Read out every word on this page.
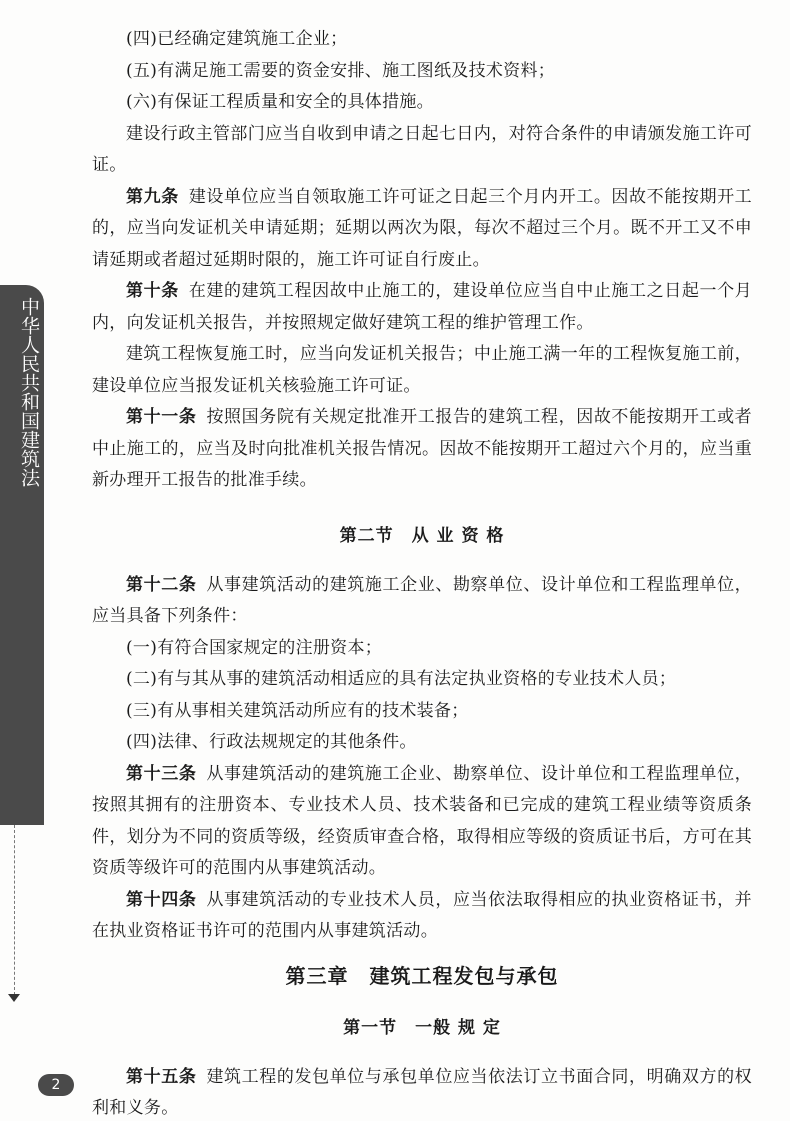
中华人民共和国建筑法
2

(四)已经确定建筑施工企业；

(五)有满足施工需要的资金安排、施工图纸及技术资料；

(六)有保证工程质量和安全的具体措施。

建设行政主管部门应当自收到申请之日起七日内，对符合条件的申请颁发施工许可证。

第九条 建设单位应当自领取施工许可证之日起三个月内开工。因故不能按期开工的，应当向发证机关申请延期；延期以两次为限，每次不超过三个月。既不开工又不申请延期或者超过延期时限的，施工许可证自行废止。

第十条 在建的建筑工程因故中止施工的，建设单位应当自中止施工之日起一个月内，向发证机关报告，并按照规定做好建筑工程的维护管理工作。

建筑工程恢复施工时，应当向发证机关报告；中止施工满一年的工程恢复施工前，建设单位应当报发证机关核验施工许可证。

第十一条 按照国务院有关规定批准开工报告的建筑工程，因故不能按期开工或者中止施工的，应当及时向批准机关报告情况。因故不能按期开工超过六个月的，应当重新办理开工报告的批准手续。

第二节　从 业 资 格

第十二条 从事建筑活动的建筑施工企业、勘察单位、设计单位和工程监理单位，应当具备下列条件：

(一)有符合国家规定的注册资本；

(二)有与其从事的建筑活动相适应的具有法定执业资格的专业技术人员；

(三)有从事相关建筑活动所应有的技术装备；

(四)法律、行政法规规定的其他条件。

第十三条 从事建筑活动的建筑施工企业、勘察单位、设计单位和工程监理单位，按照其拥有的注册资本、专业技术人员、技术装备和已完成的建筑工程业绩等资质条件，划分为不同的资质等级，经资质审查合格，取得相应等级的资质证书后，方可在其资质等级许可的范围内从事建筑活动。

第十四条 从事建筑活动的专业技术人员，应当依法取得相应的执业资格证书，并在执业资格证书许可的范围内从事建筑活动。

第三章　建筑工程发包与承包
第一节　一般 规 定

第十五条 建筑工程的发包单位与承包单位应当依法订立书面合同，明确双方的权利和义务。
